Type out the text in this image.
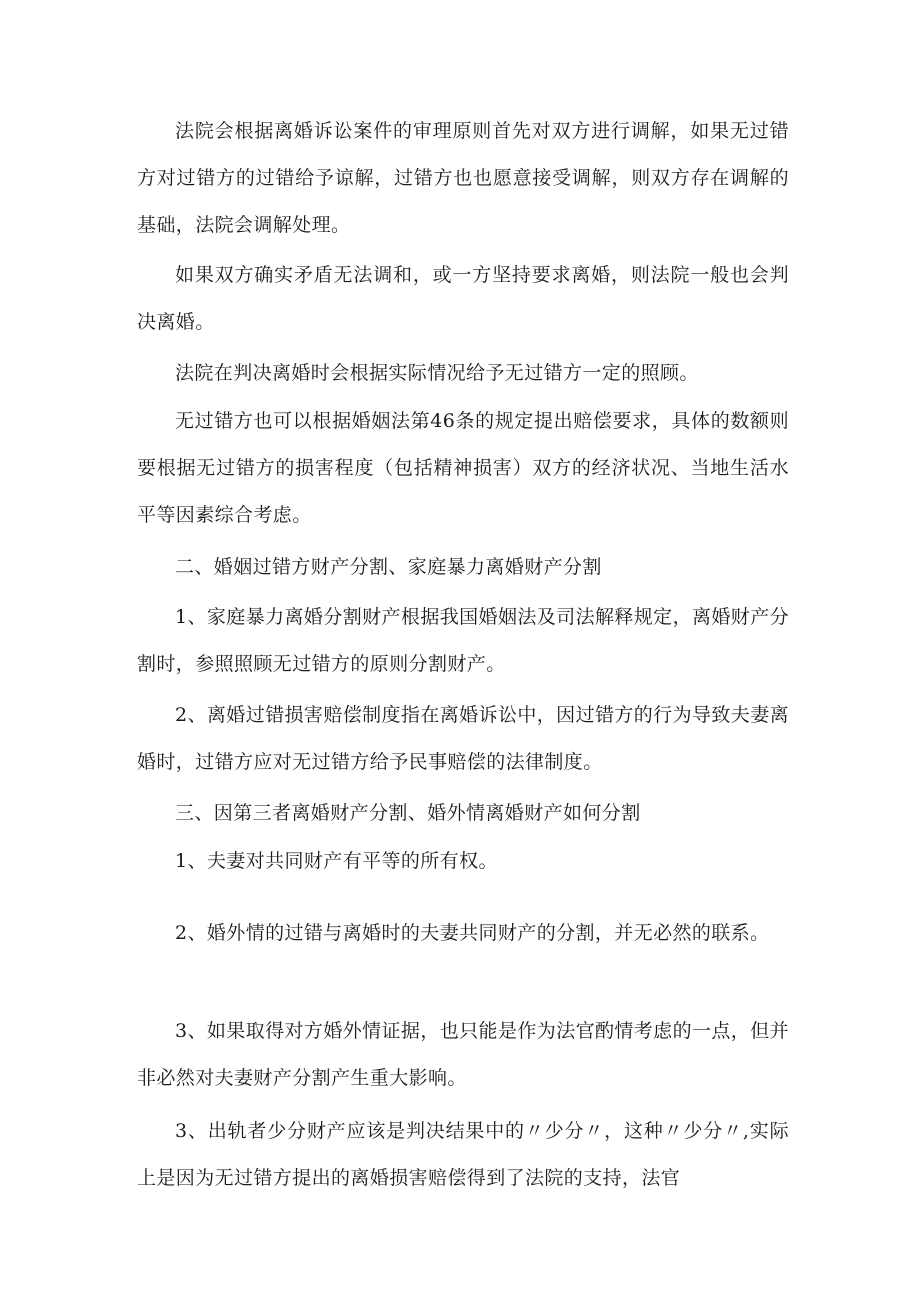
法院会根据离婚诉讼案件的审理原则首先对双方进行调解，如果无过错方对过错方的过错给予谅解，过错方也也愿意接受调解，则双方存在调解的基础，法院会调解处理。

如果双方确实矛盾无法调和，或一方坚持要求离婚，则法院一般也会判决离婚。

法院在判决离婚时会根据实际情况给予无过错方一定的照顾。

无过错方也可以根据婚姻法第46条的规定提出赔偿要求，具体的数额则要根据无过错方的损害程度（包括精神损害）双方的经济状况、当地生活水平等因素综合考虑。

二、婚姻过错方财产分割、家庭暴力离婚财产分割

1、家庭暴力离婚分割财产根据我国婚姻法及司法解释规定，离婚财产分割时，参照照顾无过错方的原则分割财产。

2、离婚过错损害赔偿制度指在离婚诉讼中，因过错方的行为导致夫妻离婚时，过错方应对无过错方给予民事赔偿的法律制度。

三、因第三者离婚财产分割、婚外情离婚财产如何分割

1、夫妻对共同财产有平等的所有权。

2、婚外情的过错与离婚时的夫妻共同财产的分割，并无必然的联系。

3、如果取得对方婚外情证据，也只能是作为法官酌情考虑的一点，但并非必然对夫妻财产分割产生重大影响。

3、出轨者少分财产应该是判决结果中的〃少分〃，这种〃少分〃,实际上是因为无过错方提出的离婚损害赔偿得到了法院的支持，法官
